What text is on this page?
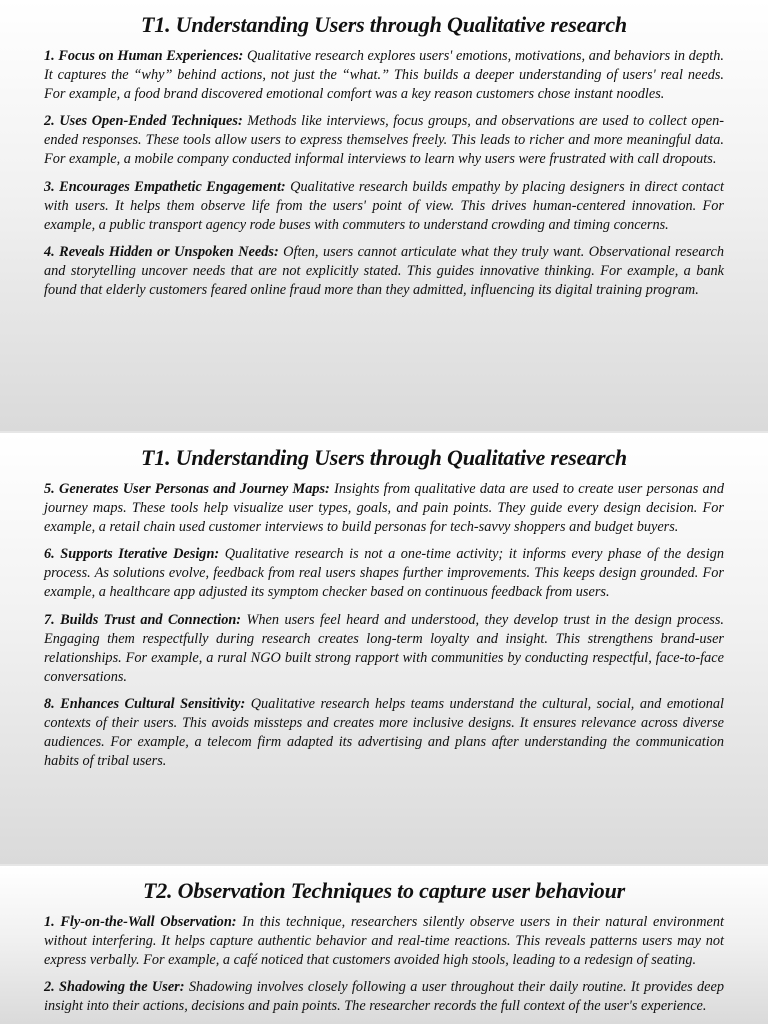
T1. Understanding Users through Qualitative research

1. Focus on Human Experiences: Qualitative research explores users' emotions, motivations, and behaviors in depth. It captures the “why” behind actions, not just the “what.” This builds a deeper understanding of users' real needs. For example, a food brand discovered emotional comfort was a key reason customers chose instant noodles.

2. Uses Open-Ended Techniques: Methods like interviews, focus groups, and observations are used to collect open-ended responses. These tools allow users to express themselves freely. This leads to richer and more meaningful data. For example, a mobile company conducted informal interviews to learn why users were frustrated with call dropouts.

3. Encourages Empathetic Engagement: Qualitative research builds empathy by placing designers in direct contact with users. It helps them observe life from the users' point of view. This drives human-centered innovation. For example, a public transport agency rode buses with commuters to understand crowding and timing concerns.

4. Reveals Hidden or Unspoken Needs: Often, users cannot articulate what they truly want. Observational research and storytelling uncover needs that are not explicitly stated. This guides innovative thinking. For example, a bank found that elderly customers feared online fraud more than they admitted, influencing its digital training program.

T1. Understanding Users through Qualitative research

5. Generates User Personas and Journey Maps: Insights from qualitative data are used to create user personas and journey maps. These tools help visualize user types, goals, and pain points. They guide every design decision. For example, a retail chain used customer interviews to build personas for tech-savvy shoppers and budget buyers.

6. Supports Iterative Design: Qualitative research is not a one-time activity; it informs every phase of the design process. As solutions evolve, feedback from real users shapes further improvements. This keeps design grounded. For example, a healthcare app adjusted its symptom checker based on continuous feedback from users.

7. Builds Trust and Connection: When users feel heard and understood, they develop trust in the design process. Engaging them respectfully during research creates long-term loyalty and insight. This strengthens brand-user relationships. For example, a rural NGO built strong rapport with communities by conducting respectful, face-to-face conversations.

8. Enhances Cultural Sensitivity: Qualitative research helps teams understand the cultural, social, and emotional contexts of their users. This avoids missteps and creates more inclusive designs. It ensures relevance across diverse audiences. For example, a telecom firm adapted its advertising and plans after understanding the communication habits of tribal users.

T2. Observation Techniques to capture user behaviour

1. Fly-on-the-Wall Observation: In this technique, researchers silently observe users in their natural environment without interfering. It helps capture authentic behavior and real-time reactions. This reveals patterns users may not express verbally. For example, a café noticed that customers avoided high stools, leading to a redesign of seating.

2. Shadowing the User: Shadowing involves closely following a user throughout their daily routine. It provides deep insight into their actions, decisions and pain points. The researcher records the full context of the user's experience.
